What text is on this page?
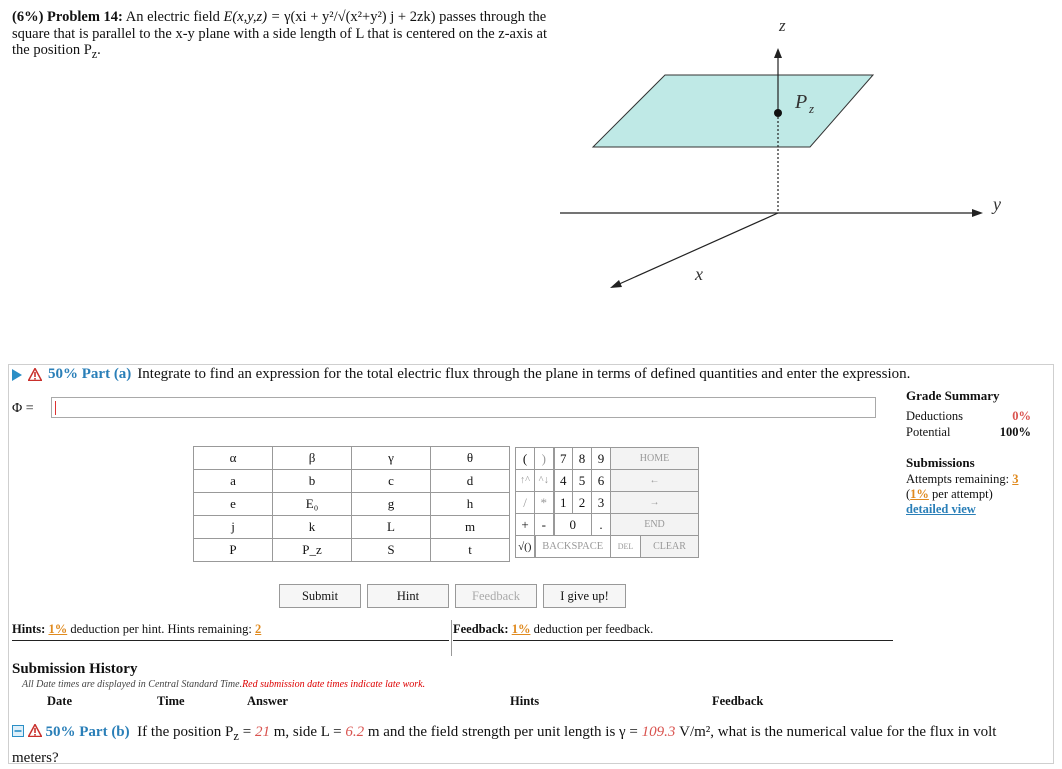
(6%) Problem 14: An electric field E(x,y,z) = γ(xi + y²/√(x²+y²) j + 2zk) passes through the square that is parallel to the x-y plane with a side length of L that is centered on the z-axis at the position $P_z$.
z
y
x
P z
50% Part (a) Integrate to find an expression for the total electric flux through the plane in terms of defined quantities and enter the expression.
Φ =
Grade Summary
Deductions	0%
Potential	100%
Submissions
Attempts remaining: 3
(1% per attempt)
detailed view
α	β	γ	θ
a	b	c	d
e	E₀	g	h
j	k	L	m
P	P_z	S	t
(	)	7	8	9	HOME	
↑^	^↓	4	5	6	←	
/	*	1	2	3	→	
+	-	0		.	END	
√()	BACKSPACE				DEL	CLEAR
Submit	Hint	Feedback	I give up!
Hints: 1% deduction per hint. Hints remaining: 2	Feedback: 1% deduction per feedback.
Submission History
All Date times are displayed in Central Standard Time.Red submission date times indicate late work.
Date	Time	Answer	Hints	Feedback
50% Part (b) If the position $P_z = 21$ m, side L = 6.2 m and the field strength per unit length is γ = 109.3 V/m², what is the numerical value for the flux in volt meters?
